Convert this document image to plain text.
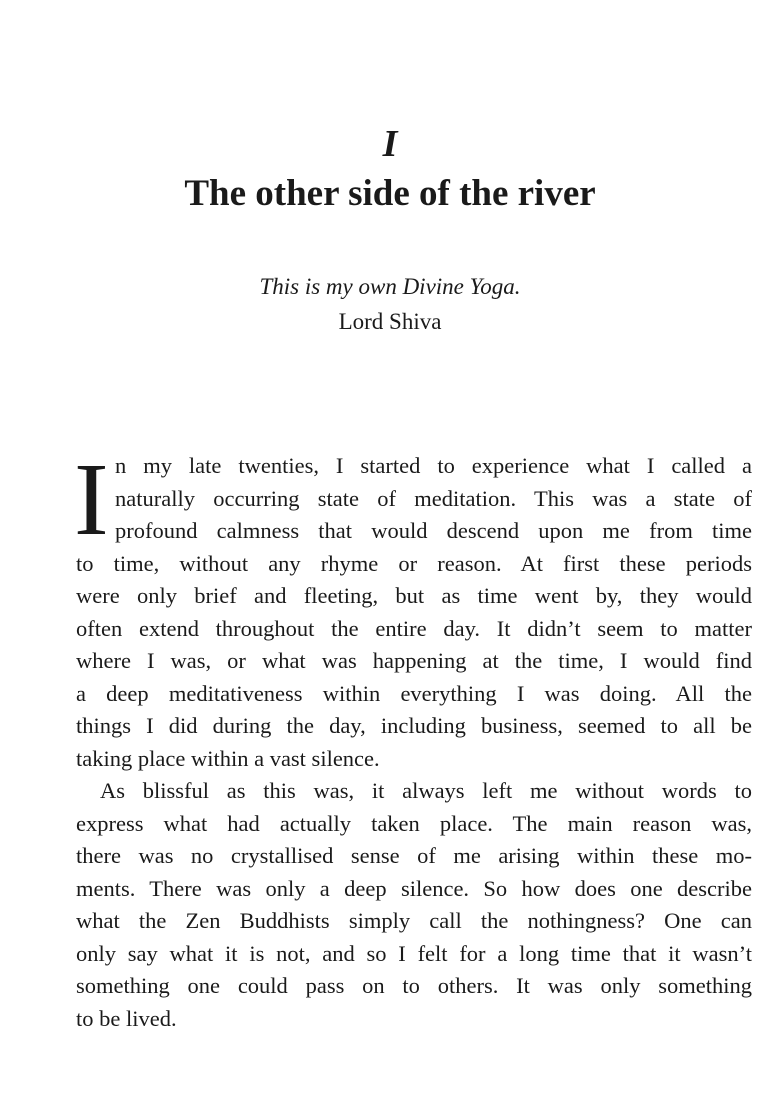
I
The other side of the river
This is my own Divine Yoga.
Lord Shiva
I n my late twenties, I started to experience what I called a
naturally occurring state of meditation. This was a state of
profound calmness that would descend upon me from time
to time, without any rhyme or reason. At first these periods
were only brief and fleeting, but as time went by, they would
often extend throughout the entire day. It didn’t seem to matter
where I was, or what was happening at the time, I would find
a deep meditativeness within everything I was doing. All the
things I did during the day, including business, seemed to all be
taking place within a vast silence.
As blissful as this was, it always left me without words to
express what had actually taken place. The main reason was,
there was no crystallised sense of me arising within these mo-
ments. There was only a deep silence. So how does one describe
what the Zen Buddhists simply call the nothingness? One can
only say what it is not, and so I felt for a long time that it wasn’t
something one could pass on to others. It was only something
to be lived.
